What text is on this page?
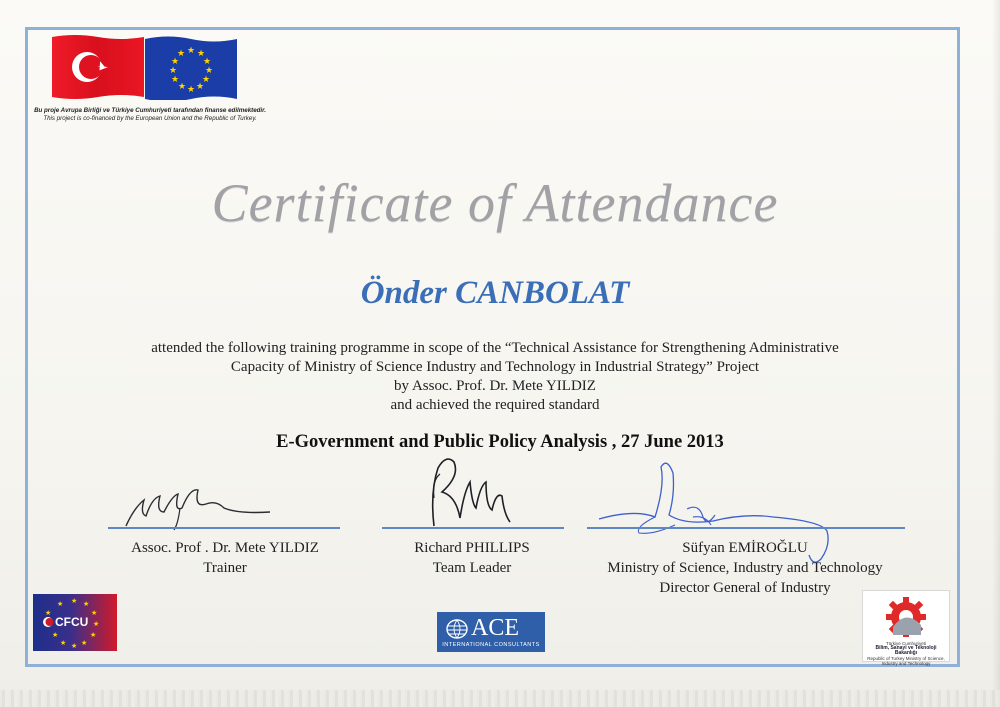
★ ★
★
★
★
★
★
★
★
★
★
★
Bu proje Avrupa Birliği ve Türkiye Cumhuriyeti tarafından finanse edilmektedir.
This project is co-financed by the European Union and the Republic of Turkey.
Certificate of Attendance
Önder CANBOLAT
attended the following training programme in scope of the “Technical Assistance for Strengthening Administrative
Capacity of Ministry of Science Industry and Technology in Industrial Strategy” Project
by Assoc. Prof. Dr. Mete YILDIZ
and achieved the required standard
E-Government and Public Policy Analysis , 27 June 2013
Assoc. Prof . Dr. Mete YILDIZ
Trainer
Richard PHILLIPS
Team Leader
Süfyan EMİROĞLU
Ministry of Science, Industry and Technology
Director General of Industry
★ ★
★
★
★
★
★
★
★
★
★
CFCU	ACE
INTERNATIONAL CONSULTANTS	Türkiye Cumhuriyeti
Bilim, Sanayi ve Teknoloji Bakanlığı
Republic of Turkey Ministry of Science, Industry and Technology
